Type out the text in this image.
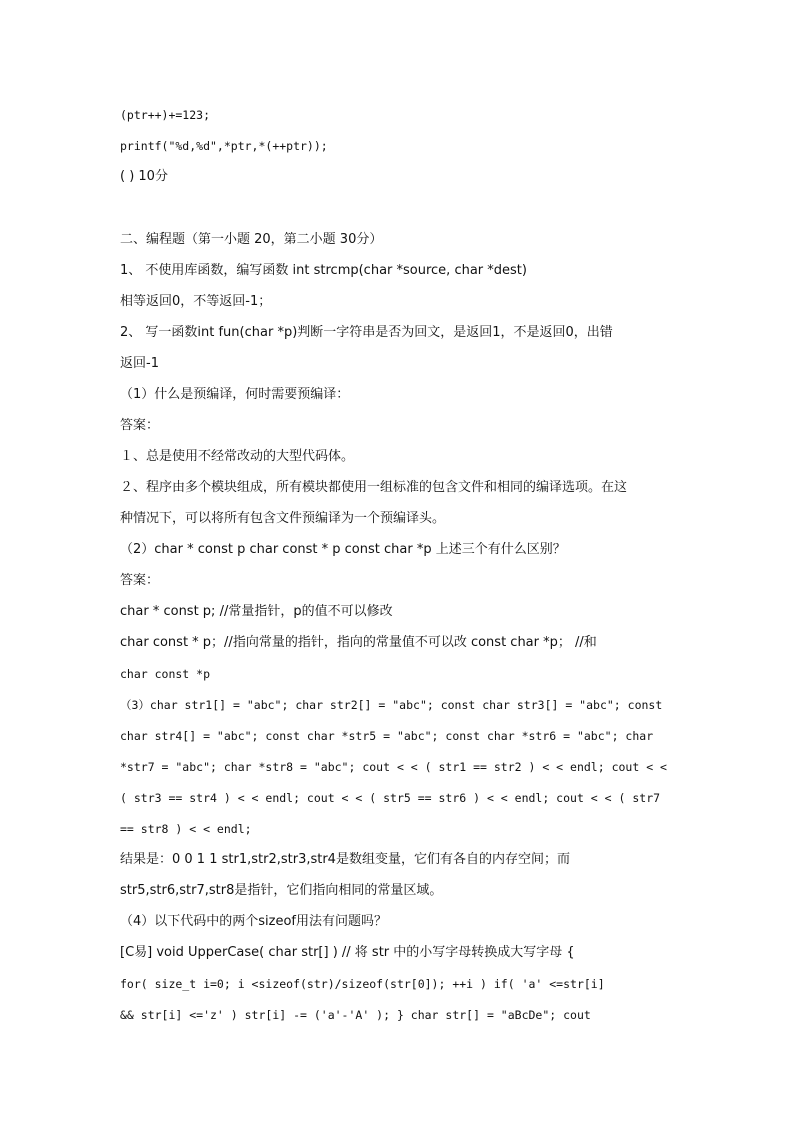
(ptr++)+=123;
printf("%d,%d",*ptr,*(++ptr));
( ) 10分
二、编程题（第一小题 20，第二小题 30分）
1、 不使用库函数，编写函数 int strcmp(char *source, char *dest)
相等返回0，不等返回-1；
2、 写一函数int fun(char *p)判断一字符串是否为回文，是返回1，不是返回0，出错
返回-1
（1）什么是预编译，何时需要预编译：
答案：
１、总是使用不经常改动的大型代码体。
２、程序由多个模块组成，所有模块都使用一组标准的包含文件和相同的编译选项。在这
种情况下，可以将所有包含文件预编译为一个预编译头。
（2）char * const p char const * p const char *p 上述三个有什么区别？
答案：
char * const p; //常量指针，p的值不可以修改
char const * p；//指向常量的指针，指向的常量值不可以改 const char *p； //和
char const *p
（3）char str1[] = "abc"; char str2[] = "abc"; const char str3[] = "abc"; const
char str4[] = "abc"; const char *str5 = "abc"; const char *str6 = "abc"; char
*str7 = "abc"; char *str8 = "abc"; cout < < ( str1 == str2 ) < < endl; cout < <
( str3 == str4 ) < < endl; cout < < ( str5 == str6 ) < < endl; cout < < ( str7
== str8 ) < < endl;
结果是：0 0 1 1 str1,str2,str3,str4是数组变量，它们有各自的内存空间；而
str5,str6,str7,str8是指针，它们指向相同的常量区域。
（4）以下代码中的两个sizeof用法有问题吗？
[C易] void UpperCase( char str[] ) // 将 str 中的小写字母转换成大写字母 {
for( size_t i=0; i <sizeof(str)/sizeof(str[0]); ++i ) if( 'a' <=str[i]
&& str[i] <='z' ) str[i] -= ('a'-'A' ); } char str[] = "aBcDe"; cout
